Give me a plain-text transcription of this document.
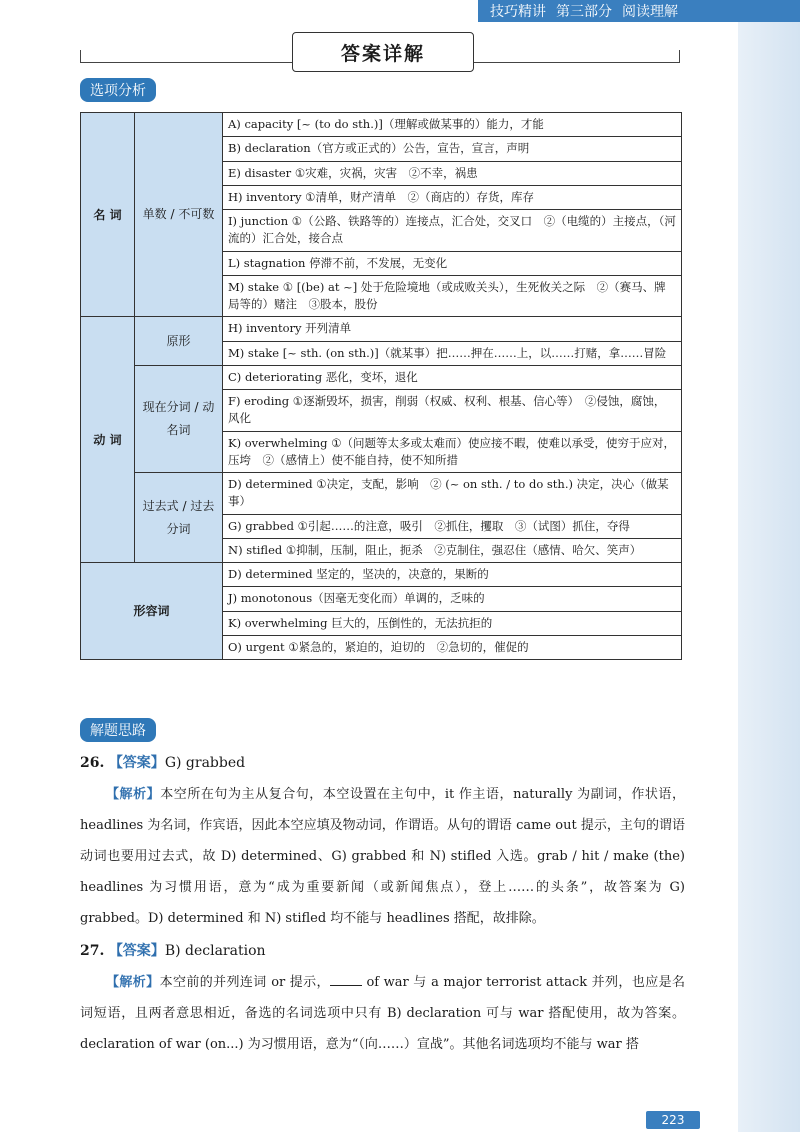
技巧精讲 第三部分 阅读理解
答案详解
选项分析
名 词	单数 / 不可数	A) capacity [~ (to do sth.)]（理解或做某事的）能力，才能
		B) declaration（官方或正式的）公告，宣告，宣言，声明
		E) disaster ①灾难，灾祸，灾害　②不幸，祸患
		H) inventory ①清单，财产清单　②（商店的）存货，库存
		I) junction ①（公路、铁路等的）连接点，汇合处，交叉口　②（电缆的）主接点，（河流的）汇合处，接合点
		L) stagnation 停滞不前，不发展，无变化
		M) stake ① [(be) at ~] 处于危险境地（或成败关头），生死攸关之际　②（赛马、牌局等的）赌注　③股本，股份
动 词	原形	H) inventory 开列清单
		M) stake [~ sth. (on sth.)]（就某事）把……押在……上，以……打赌，拿……冒险
	现在分词 / 动名词	C) deteriorating 恶化，变坏，退化
		F) eroding ①逐渐毁坏，损害，削弱（权威、权利、根基、信心等）　②侵蚀，腐蚀，风化
		K) overwhelming ①（问题等太多或太难而）使应接不暇，使难以承受，使穷于应对，压垮　②（感情上）使不能自持，使不知所措
	过去式 / 过去分词	D) determined ①决定，支配，影响　② (~ on sth. / to do sth.) 决定，决心（做某事）
		G) grabbed ①引起……的注意，吸引　②抓住，攫取　③（试图）抓住，夺得
		N) stifled ①抑制，压制，阻止，扼杀　②克制住，强忍住（感情、哈欠、笑声）
形容词		D) determined 坚定的，坚决的，决意的，果断的
		J) monotonous（因毫无变化而）单调的，乏味的
		K) overwhelming 巨大的，压倒性的，无法抗拒的
		O) urgent ①紧急的，紧迫的，迫切的　②急切的，催促的
解题思路
26. 【答案】G) grabbed
【解析】本空所在句为主从复合句，本空设置在主句中，it 作主语，naturally 为副词，作状语，headlines 为名词，作宾语，因此本空应填及物动词，作谓语。从句的谓语 came out 提示，主句的谓语动词也要用过去式，故 D) determined、G) grabbed 和 N) stifled 入选。grab / hit / make (the) headlines 为习惯用语，意为“成为重要新闻（或新闻焦点），登上……的头条”，故答案为 G) grabbed。D) determined 和 N) stifled 均不能与 headlines 搭配，故排除。
27. 【答案】B) declaration
【解析】本空前的并列连词 or 提示， of war 与 a major terrorist attack 并列，也应是名词短语，且两者意思相近，备选的名词选项中只有 B) declaration 可与 war 搭配使用，故为答案。declaration of war (on...) 为习惯用语，意为“（向……）宣战”。其他名词选项均不能与 war 搭
223
